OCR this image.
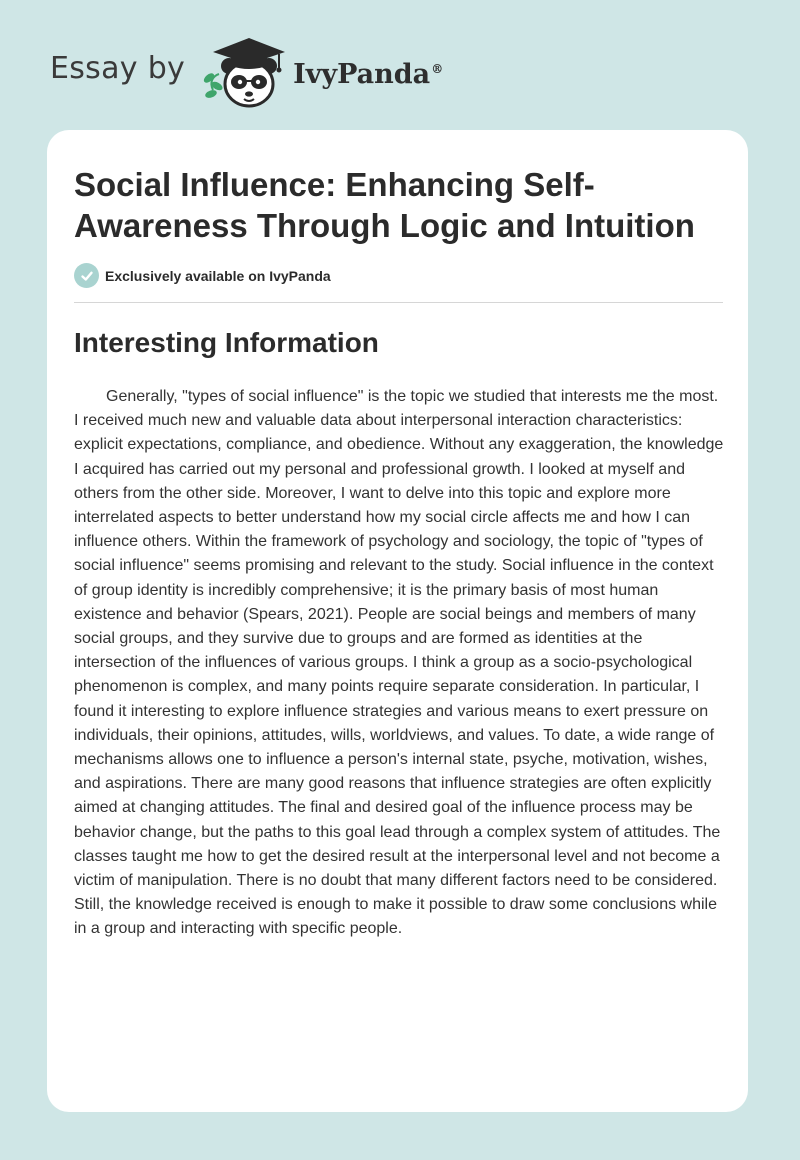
Essay by	IvyPanda®
Social Influence: Enhancing Self-Awareness Through Logic and Intuition
Exclusively available on IvyPanda
Interesting Information

Generally, "types of social influence" is the topic we studied that interests me the most. I received much new and valuable data about interpersonal interaction characteristics: explicit expectations, compliance, and obedience. Without any exaggeration, the knowledge I acquired has carried out my personal and professional growth. I looked at myself and others from the other side. Moreover, I want to delve into this topic and explore more interrelated aspects to better understand how my social circle affects me and how I can influence others. Within the framework of psychology and sociology, the topic of "types of social influence" seems promising and relevant to the study. Social influence in the context of group identity is incredibly comprehensive; it is the primary basis of most human existence and behavior (Spears, 2021). People are social beings and members of many social groups, and they survive due to groups and are formed as identities at the intersection of the influences of various groups. I think a group as a socio-psychological phenomenon is complex, and many points require separate consideration. In particular, I found it interesting to explore influence strategies and various means to exert pressure on individuals, their opinions, attitudes, wills, worldviews, and values. To date, a wide range of mechanisms allows one to influence a person's internal state, psyche, motivation, wishes, and aspirations. There are many good reasons that influence strategies are often explicitly aimed at changing attitudes. The final and desired goal of the influence process may be behavior change, but the paths to this goal lead through a complex system of attitudes. The classes taught me how to get the desired result at the interpersonal level and not become a victim of manipulation. There is no doubt that many different factors need to be considered. Still, the knowledge received is enough to make it possible to draw some conclusions while in a group and interacting with specific people.
